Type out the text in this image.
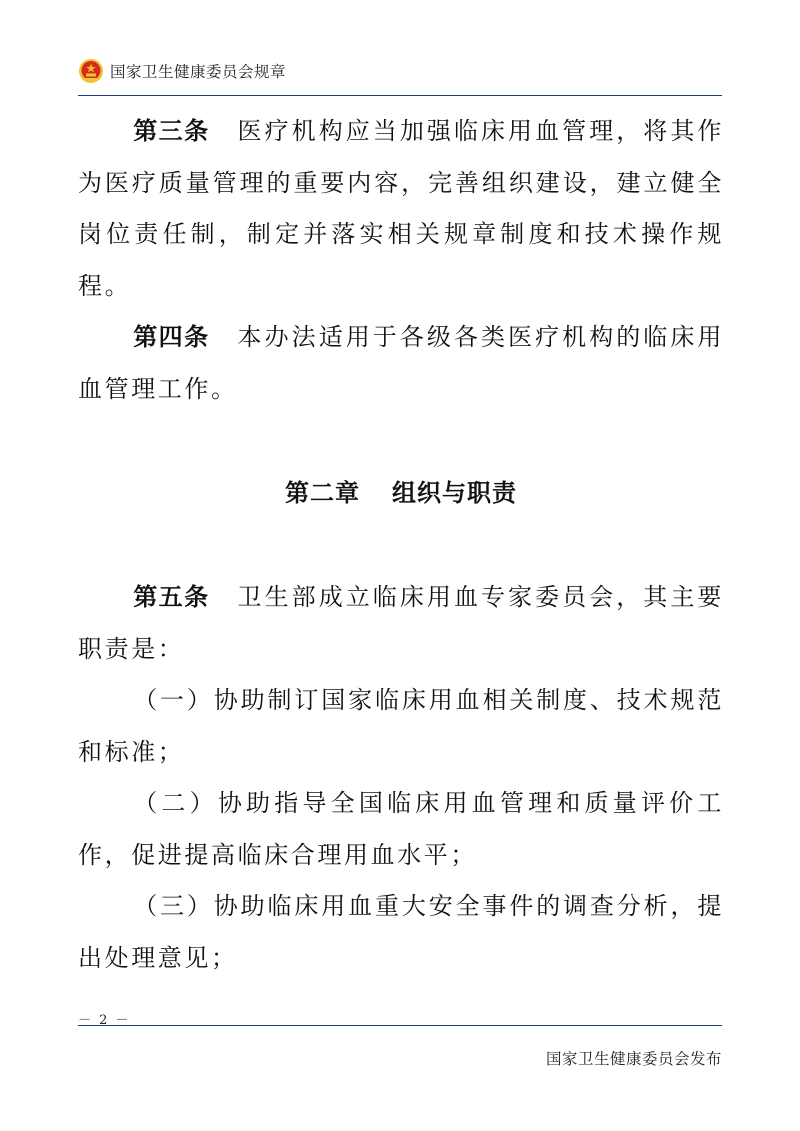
国家卫生健康委员会规章

第三条 医疗机构应当加强临床用血管理，将其作为医疗质量管理的重要内容，完善组织建设，建立健全岗位责任制，制定并落实相关规章制度和技术操作规程。

第四条 本办法适用于各级各类医疗机构的临床用血管理工作。

第二章 组织与职责

第五条 卫生部成立临床用血专家委员会，其主要职责是：

（一）协助制订国家临床用血相关制度、技术规范和标准；

（二）协助指导全国临床用血管理和质量评价工作，促进提高临床合理用血水平；

（三）协助临床用血重大安全事件的调查分析，提出处理意见；

－ 2 －
国家卫生健康委员会发布
